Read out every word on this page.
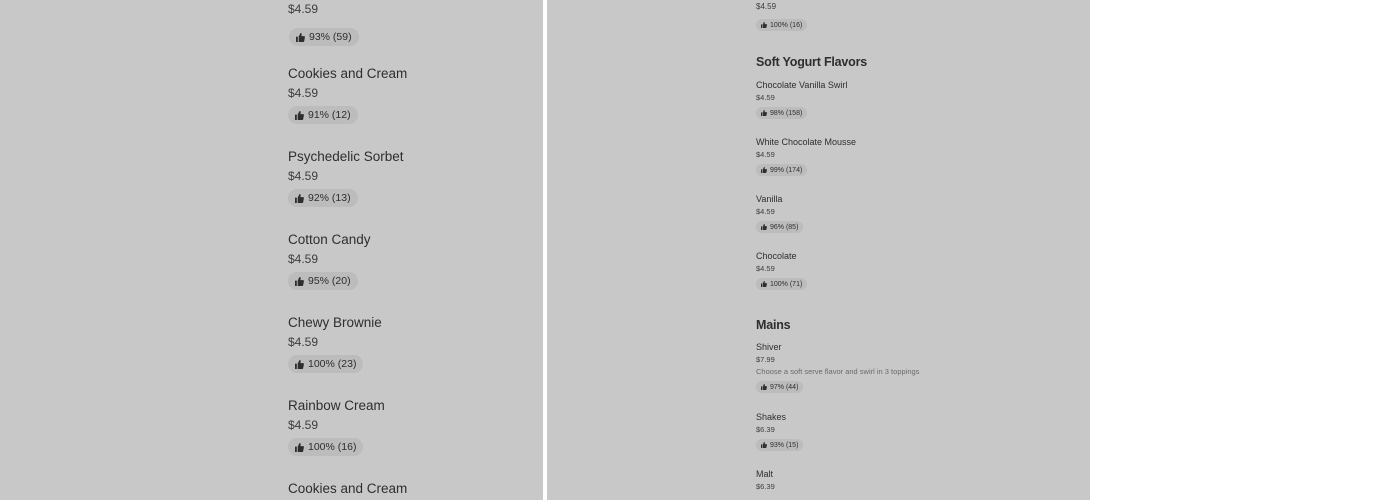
$4.59
93% (59)
Cookies and Cream
$4.59
91% (12)
Psychedelic Sorbet
$4.59
92% (13)
Cotton Candy
$4.59
95% (20)
Chewy Brownie
$4.59
100% (23)
Rainbow Cream
$4.59
100% (16)
Cookies and Cream
$4.59
100% (16)
Soft Yogurt Flavors
Chocolate Vanilla Swirl
$4.59
98% (158)
White Chocolate Mousse
$4.59
99% (174)
Vanilla
$4.59
96% (85)
Chocolate
$4.59
100% (71)
Mains
Shiver
$7.99
Choose a soft serve flavor and swirl in 3 toppings
97% (44)
Shakes
$6.39
93% (15)
Malt
$6.39
